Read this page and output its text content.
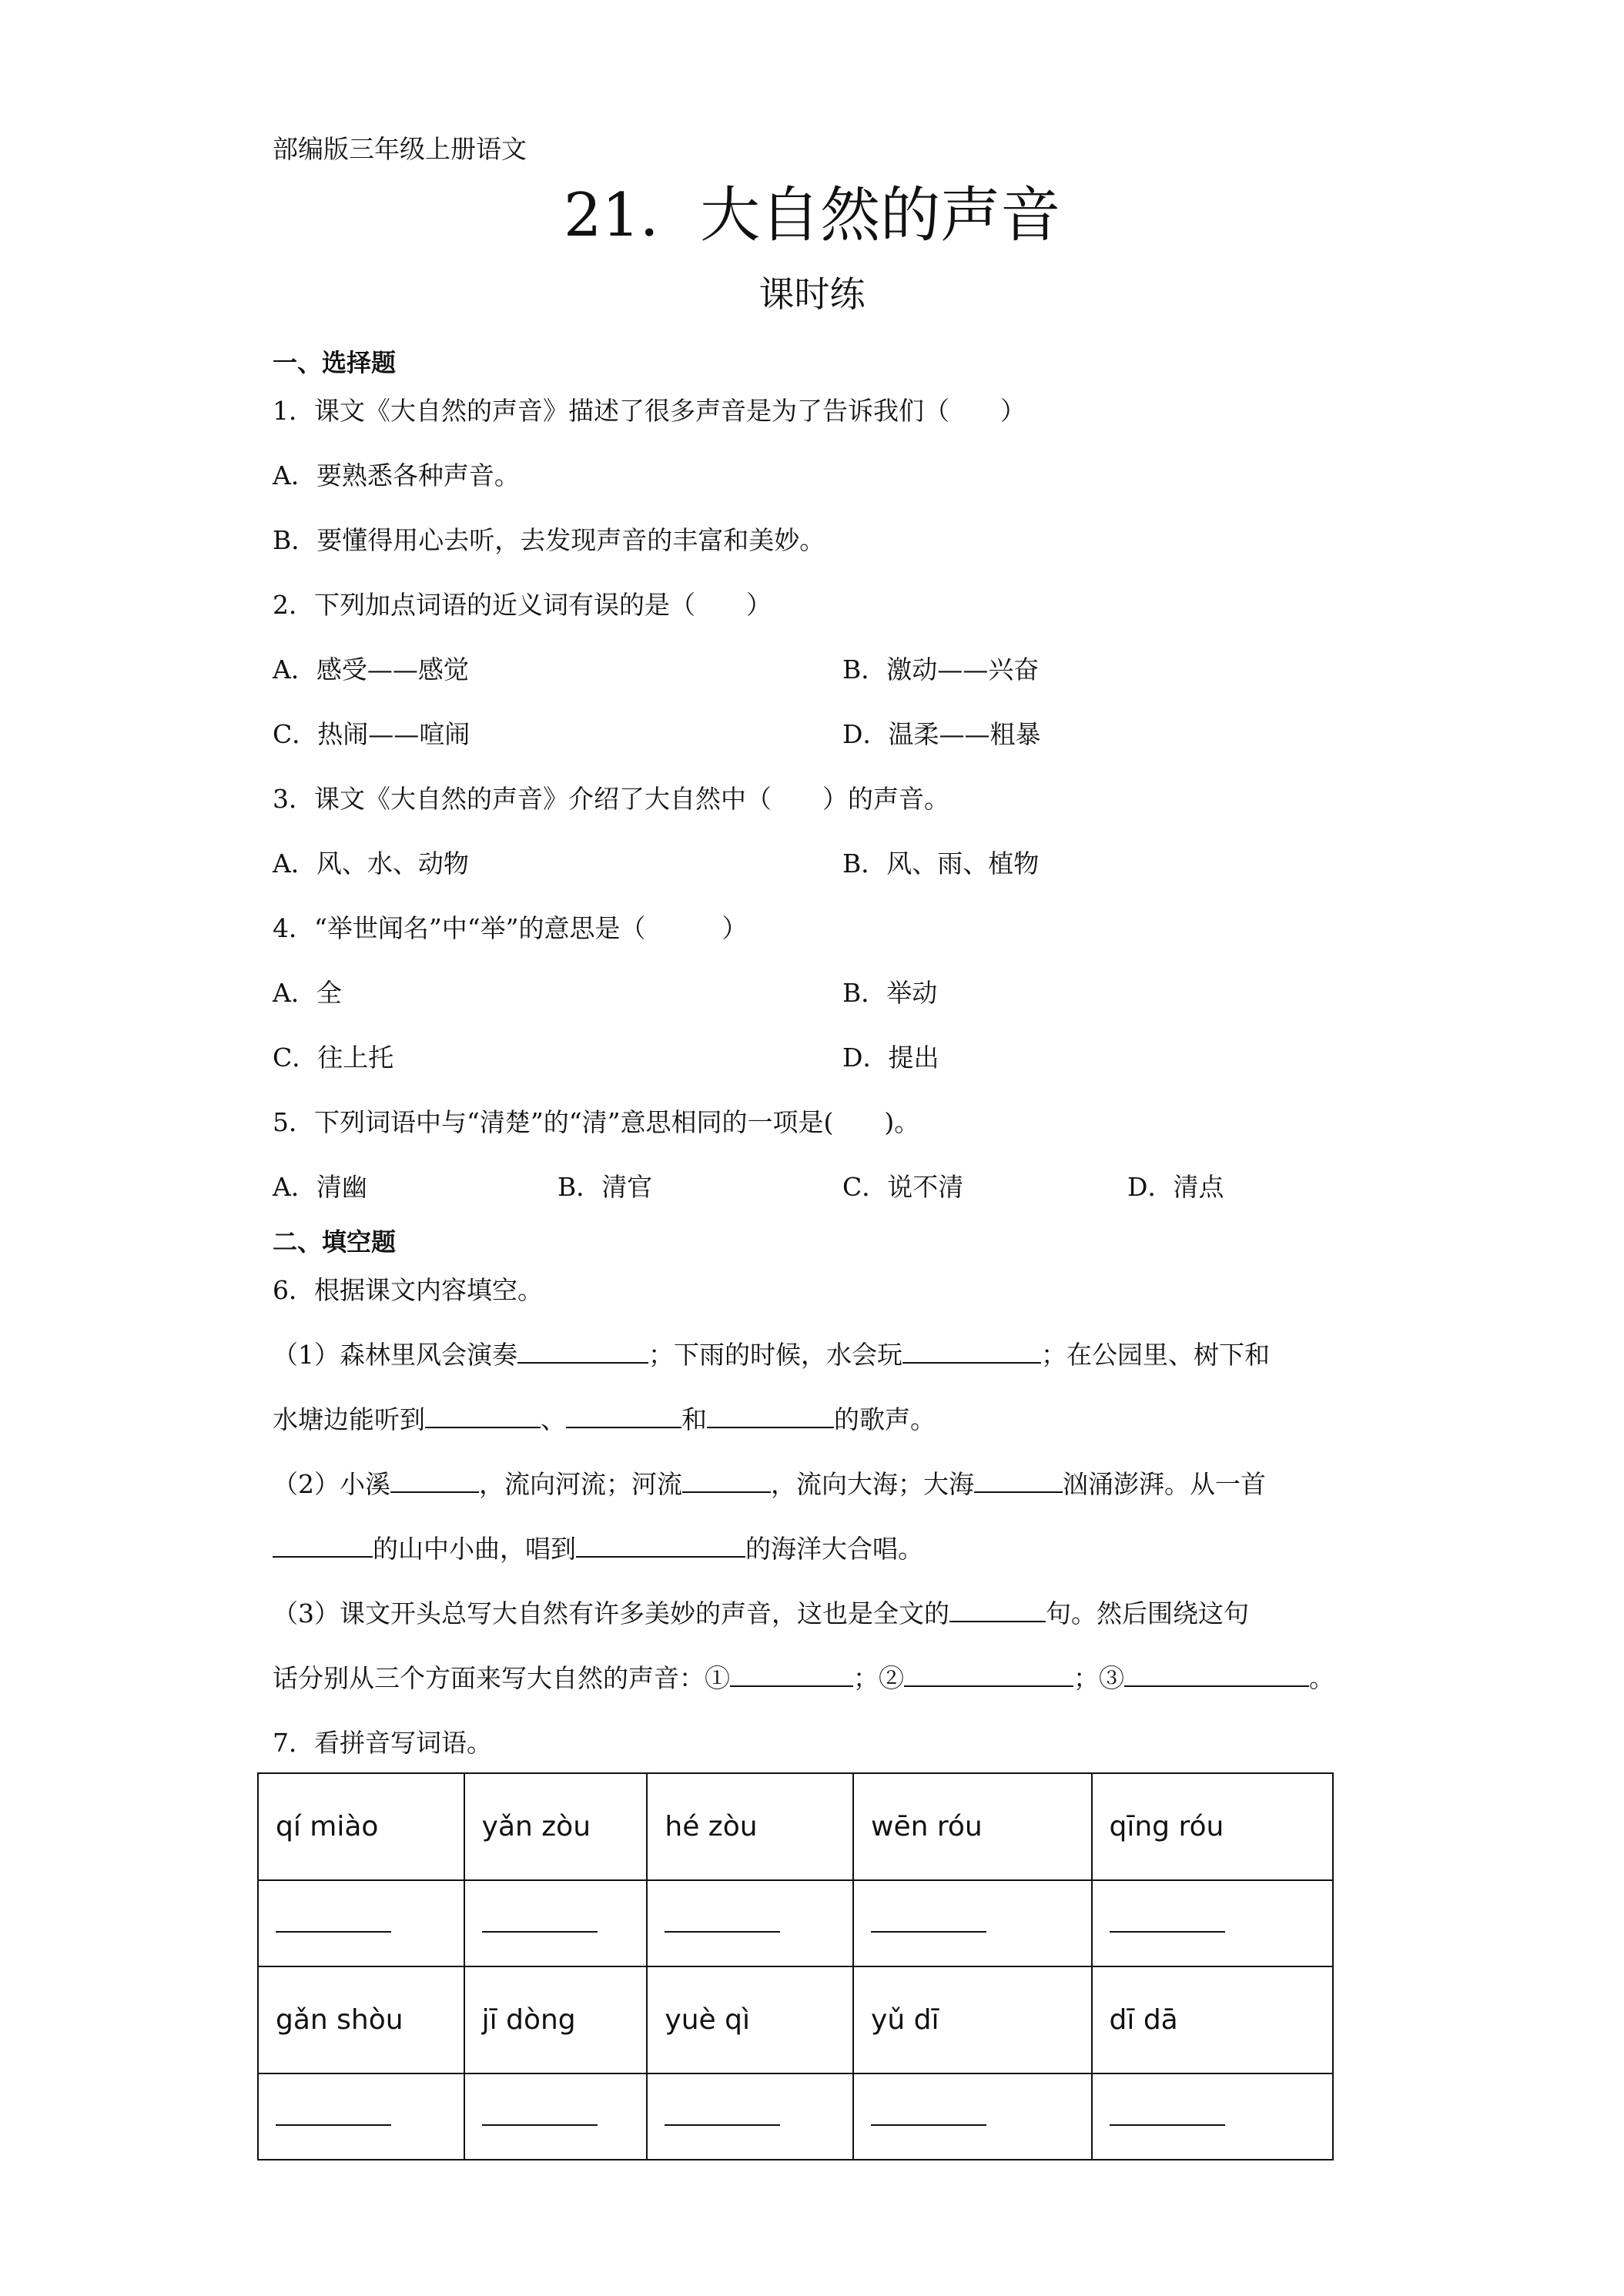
部编版三年级上册语文
21．大自然的声音
课时练
一、选择题
1．课文《大自然的声音》描述了很多声音是为了告诉我们（　　）
A．要熟悉各种声音。
B．要懂得用心去听，去发现声音的丰富和美妙。
2．下列加点词语的近义词有误的是（　　）
A．感受——感觉	B．激动——兴奋
C．热闹——喧闹	D．温柔——粗暴
3．课文《大自然的声音》介绍了大自然中（　　）的声音。
A．风、水、动物	B．风、雨、植物
4．“举世闻名”中“举”的意思是（　　　）
A．全	B．举动
C．往上托	D．提出
5．下列词语中与“清楚”的“清”意思相同的一项是(　　)。
A．清幽	B．清官	C．说不清	D．清点
二、填空题
6．根据课文内容填空。
（1）森林里风会演奏	；下雨的时候，水会玩	；在公园里、树下和
水塘边能听到	、	和	的歌声。
（2）小溪	，流向河流；河流	，流向大海；大海	汹涌澎湃。从一首
的山中小曲，唱到	的海洋大合唱。
（3）课文开头总写大自然有许多美妙的声音，这也是全文的	句。然后围绕这句
话分别从三个方面来写大自然的声音：①	；②	；③	。
7．看拼音写词语。
qí miào	yǎn zòu	hé zòu	wēn róu	qīng róu

gǎn shòu	jī dòng	yuè qì	yǔ dī	dī dā
